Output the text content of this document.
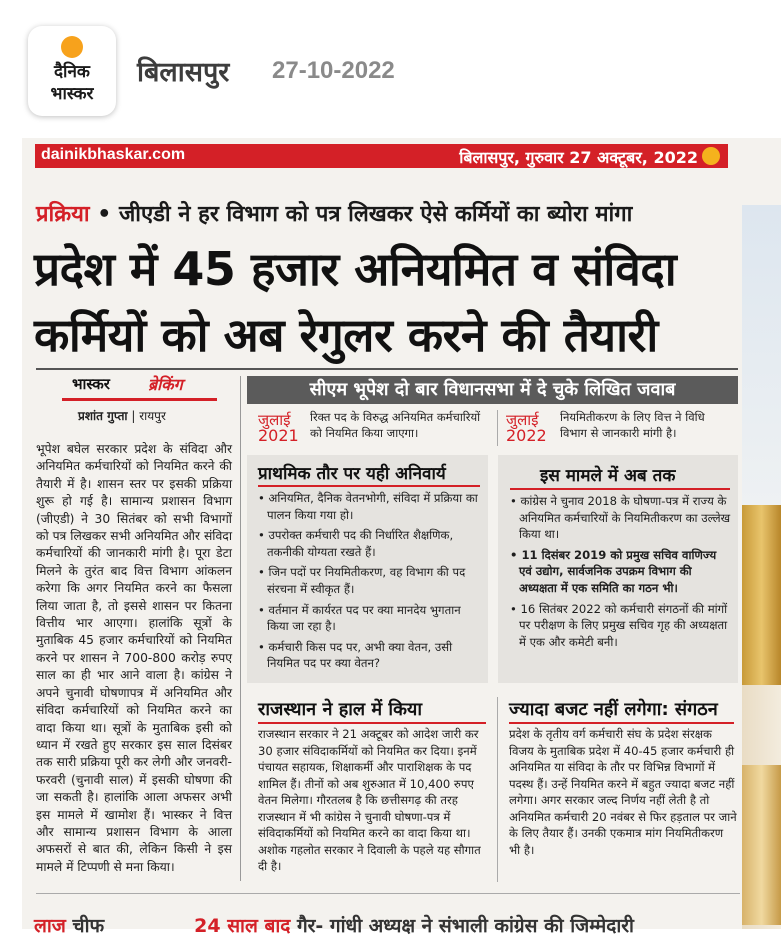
दैनिक
भास्कर
बिलासपुर 27-10-2022
dainikbhaskar.com	बिलासपुर, गुरुवार 27 अक्टूबर, 2022
प्रक्रिया • जीएडी ने हर विभाग को पत्र लिखकर ऐसे कर्मियों का ब्योरा मांगा
प्रदेश में 45 हजार अनियमित व संविदा
कर्मियों को अब रेगुलर करने की तैयारी
भास्कर ब्रेकिंग
प्रशांत गुप्ता | रायपुर
भूपेश बघेल सरकार प्रदेश के संविदा और अनियमित कर्मचारियों को नियमित करने की तैयारी में है। शासन स्तर पर इसकी प्रक्रिया शुरू हो गई है। सामान्य प्रशासन विभाग (जीएडी) ने 30 सितंबर को सभी विभागों को पत्र लिखकर सभी अनियमित और संविदा कर्मचारियों की जानकारी मांगी है। पूरा डेटा मिलने के तुरंत बाद वित्त विभाग आंकलन करेगा कि अगर नियमित करने का फैसला लिया जाता है, तो इससे शासन पर कितना वित्तीय भार आएगा। हालांकि सूत्रों के मुताबिक 45 हजार कर्मचारियों को नियमित करने पर शासन ने 700-800 करोड़ रुपए साल का ही भार आने वाला है। कांग्रेस ने अपने चुनावी घोषणापत्र में अनियमित और संविदा कर्मचारियों को नियमित करने का वादा किया था। सूत्रों के मुताबिक इसी को ध्यान में रखते हुए सरकार इस साल दिसंबर तक सारी प्रक्रिया पूरी कर लेगी और जनवरी-फरवरी (चुनावी साल) में इसकी घोषणा की जा सकती है। हालांकि आला अफसर अभी इस मामले में खामोश हैं। भास्कर ने वित्त और सामान्य प्रशासन विभाग के आला अफसरों से बात की, लेकिन किसी ने इस मामले में टिप्पणी से मना किया।
सीएम भूपेश दो बार विधानसभा में दे चुके लिखित जवाब
जुलाई
2021
रिक्त पद के विरुद्ध अनियमित कर्मचारियों को नियमित किया जाएगा।
जुलाई
2022
नियमितीकरण के लिए वित्त ने विधि विभाग से जानकारी मांगी है।
प्राथमिक तौर पर यही अनिवार्य
• अनियमित, दैनिक वेतनभोगी, संविदा में प्रक्रिया का पालन किया गया हो।
• उपरोक्त कर्मचारी पद की निर्धारित शैक्षणिक, तकनीकी योग्यता रखते हैं।
• जिन पदों पर नियमितीकरण, वह विभाग की पद संरचना में स्वीकृत हैं।
• वर्तमान में कार्यरत पद पर क्या मानदेय भुगतान किया जा रहा है।
• कर्मचारी किस पद पर, अभी क्या वेतन, उसी नियमित पद पर क्या वेतन?
इस मामले में अब तक
• कांग्रेस ने चुनाव 2018 के घोषणा-पत्र में राज्य के अनियमित कर्मचारियों के नियमितीकरण का उल्लेख किया था।
• 11 दिसंबर 2019 को प्रमुख सचिव वाणिज्य एवं उद्योग, सार्वजनिक उपक्रम विभाग की अध्यक्षता में एक समिति का गठन भी।
• 16 सितंबर 2022 को कर्मचारी संगठनों की मांगों पर परीक्षण के लिए प्रमुख सचिव गृह की अध्यक्षता में एक और कमेटी बनी।
राजस्थान ने हाल में किया
राजस्थान सरकार ने 21 अक्टूबर को आदेश जारी कर 30 हजार संविदाकर्मियों को नियमित कर दिया। इनमें पंचायत सहायक, शिक्षाकर्मी और पाराशिक्षक के पद शामिल हैं। तीनों को अब शुरुआत में 10,400 रुपए वेतन मिलेगा। गौरतलब है कि छत्तीसगढ़ की तरह राजस्थान में भी कांग्रेस ने चुनावी घोषणा-पत्र में संविदाकर्मियों को नियमित करने का वादा किया था। अशोक गहलोत सरकार ने दिवाली के पहले यह सौगात दी है।
ज्यादा बजट नहीं लगेगा: संगठन
प्रदेश के तृतीय वर्ग कर्मचारी संघ के प्रदेश संरक्षक विजय के मुताबिक प्रदेश में 40-45 हजार कर्मचारी ही अनियमित या संविदा के तौर पर विभिन्न विभागों में पदस्थ हैं। उन्हें नियमित करने में बहुत ज्यादा बजट नहीं लगेगा। अगर सरकार जल्द निर्णय नहीं लेती है तो अनियमित कर्मचारी 20 नवंबर से फिर हड़ताल पर जाने के लिए तैयार हैं। उनकी एकमात्र मांग नियमितीकरण भी है।
लाज चीफ	24 साल बाद गैर- गांधी अध्यक्ष ने संभाली कांग्रेस की जिम्मेदारी
